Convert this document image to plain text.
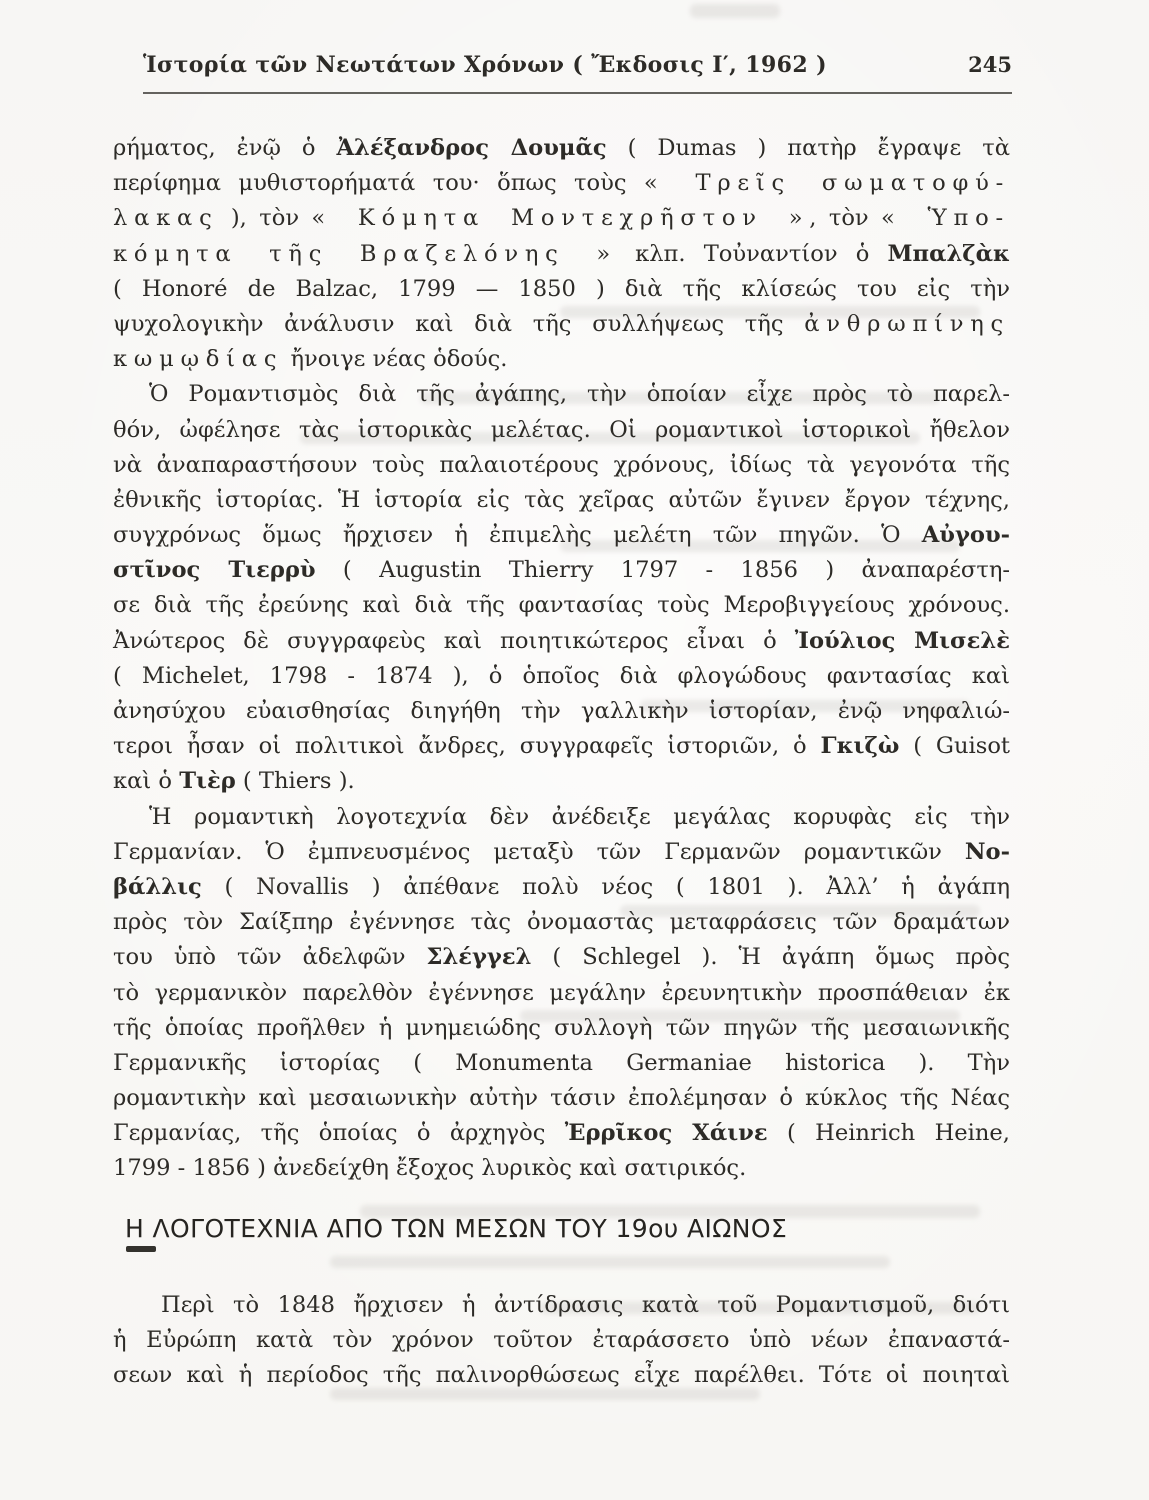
Ἱστορία τῶν Νεωτάτων Χρόνων ( Ἔκδοσις Ι′, 1962 )	245
ρήματος, ἐνῷ ὁ Ἀλέξανδρος Δουμᾶς ( Dumas ) πατὴρ ἔγραψε τὰ
περίφημα μυθιστορήματά του· ὅπως τοὺς « Τρεῖς σωματοφύ-
λακας ), τὸν « Κόμητα Μοντεχρῆστον », τὸν « Ὑπο-
κόμητα τῆς Βραζελόνης » κλπ. Τοὐναντίον ὁ Μπαλζὰκ
( Honoré de Balzac, 1799 — 1850 ) διὰ τῆς κλίσεώς του εἰς τὴν
ψυχολογικὴν ἀνάλυσιν καὶ διὰ τῆς συλλήψεως τῆς ἀνθρωπίνης
κωμῳδίας ἤνοιγε νέας ὁδούς.
Ὁ Ρομαντισμὸς διὰ τῆς ἀγάπης, τὴν ὁποίαν εἶχε πρὸς τὸ παρελ-
θόν, ὠφέλησε τὰς ἱστορικὰς μελέτας. Οἱ ρομαντικοὶ ἱστορικοὶ ἤθελον
νὰ ἀναπαραστήσουν τοὺς παλαιοτέρους χρόνους, ἰδίως τὰ γεγονότα τῆς
ἐθνικῆς ἱστορίας. Ἡ ἱστορία εἰς τὰς χεῖρας αὐτῶν ἔγινεν ἔργον τέχνης,
συγχρόνως ὅμως ἤρχισεν ἡ ἐπιμελὴς μελέτη τῶν πηγῶν. Ὁ Αὐγου-
στῖνος Τιερρὺ ( Augustin Thierry 1797 - 1856 ) ἀναπαρέστη-
σε διὰ τῆς ἐρεύνης καὶ διὰ τῆς φαντασίας τοὺς Μεροβιγγείους χρόνους.
Ἀνώτερος δὲ συγγραφεὺς καὶ ποιητικώτερος εἶναι ὁ Ἰούλιος Μισελὲ
( Michelet, 1798 - 1874 ), ὁ ὁποῖος διὰ φλογώδους φαντασίας καὶ
ἀνησύχου εὐαισθησίας διηγήθη τὴν γαλλικὴν ἱστορίαν, ἐνῷ νηφαλιώ-
τεροι ἦσαν οἱ πολιτικοὶ ἄνδρες, συγγραφεῖς ἱστοριῶν, ὁ Γκιζὼ ( Guisot
καὶ ὁ Τιὲρ ( Thiers ).
Ἡ ρομαντικὴ λογοτεχνία δὲν ἀνέδειξε μεγάλας κορυφὰς εἰς τὴν
Γερμανίαν. Ὁ ἐμπνευσμένος μεταξὺ τῶν Γερμανῶν ρομαντικῶν Νο-
βάλλις ( Novallis ) ἀπέθανε πολὺ νέος ( 1801 ). Ἀλλ’ ἡ ἀγάπη
πρὸς τὸν Σαίξπηρ ἐγέννησε τὰς ὀνομαστὰς μεταφράσεις τῶν δραμάτων
του ὑπὸ τῶν ἀδελφῶν Σλέγγελ ( Schlegel ). Ἡ ἀγάπη ὅμως πρὸς
τὸ γερμανικὸν παρελθὸν ἐγέννησε μεγάλην ἐρευνητικὴν προσπάθειαν ἐκ
τῆς ὁποίας προῆλθεν ἡ μνημειώδης συλλογὴ τῶν πηγῶν τῆς μεσαιωνικῆς
Γερμανικῆς ἱστορίας ( Monumenta Germaniae historica ). Τὴν
ρομαντικὴν καὶ μεσαιωνικὴν αὐτὴν τάσιν ἐπολέμησαν ὁ κύκλος τῆς Νέας
Γερμανίας, τῆς ὁποίας ὁ ἀρχηγὸς Ἐρρῖκος Χάινε ( Heinrich Heine,
1799 - 1856 ) ἀνεδείχθη ἔξοχος λυρικὸς καὶ σατιρικός.
Η ΛΟΓΟΤΕΧΝΙΑ ΑΠΟ ΤΩΝ ΜΕΣΩΝ ΤΟΥ 19ου ΑΙΩΝΟΣ
Περὶ τὸ 1848 ἤρχισεν ἡ ἀντίδρασις κατὰ τοῦ Ρομαντισμοῦ, διότι
ἡ Εὐρώπη κατὰ τὸν χρόνον τοῦτον ἐταράσσετο ὑπὸ νέων ἐπαναστά-
σεων καὶ ἡ περίοδος τῆς παλινορθώσεως εἶχε παρέλθει. Τότε οἱ ποιηταὶ
